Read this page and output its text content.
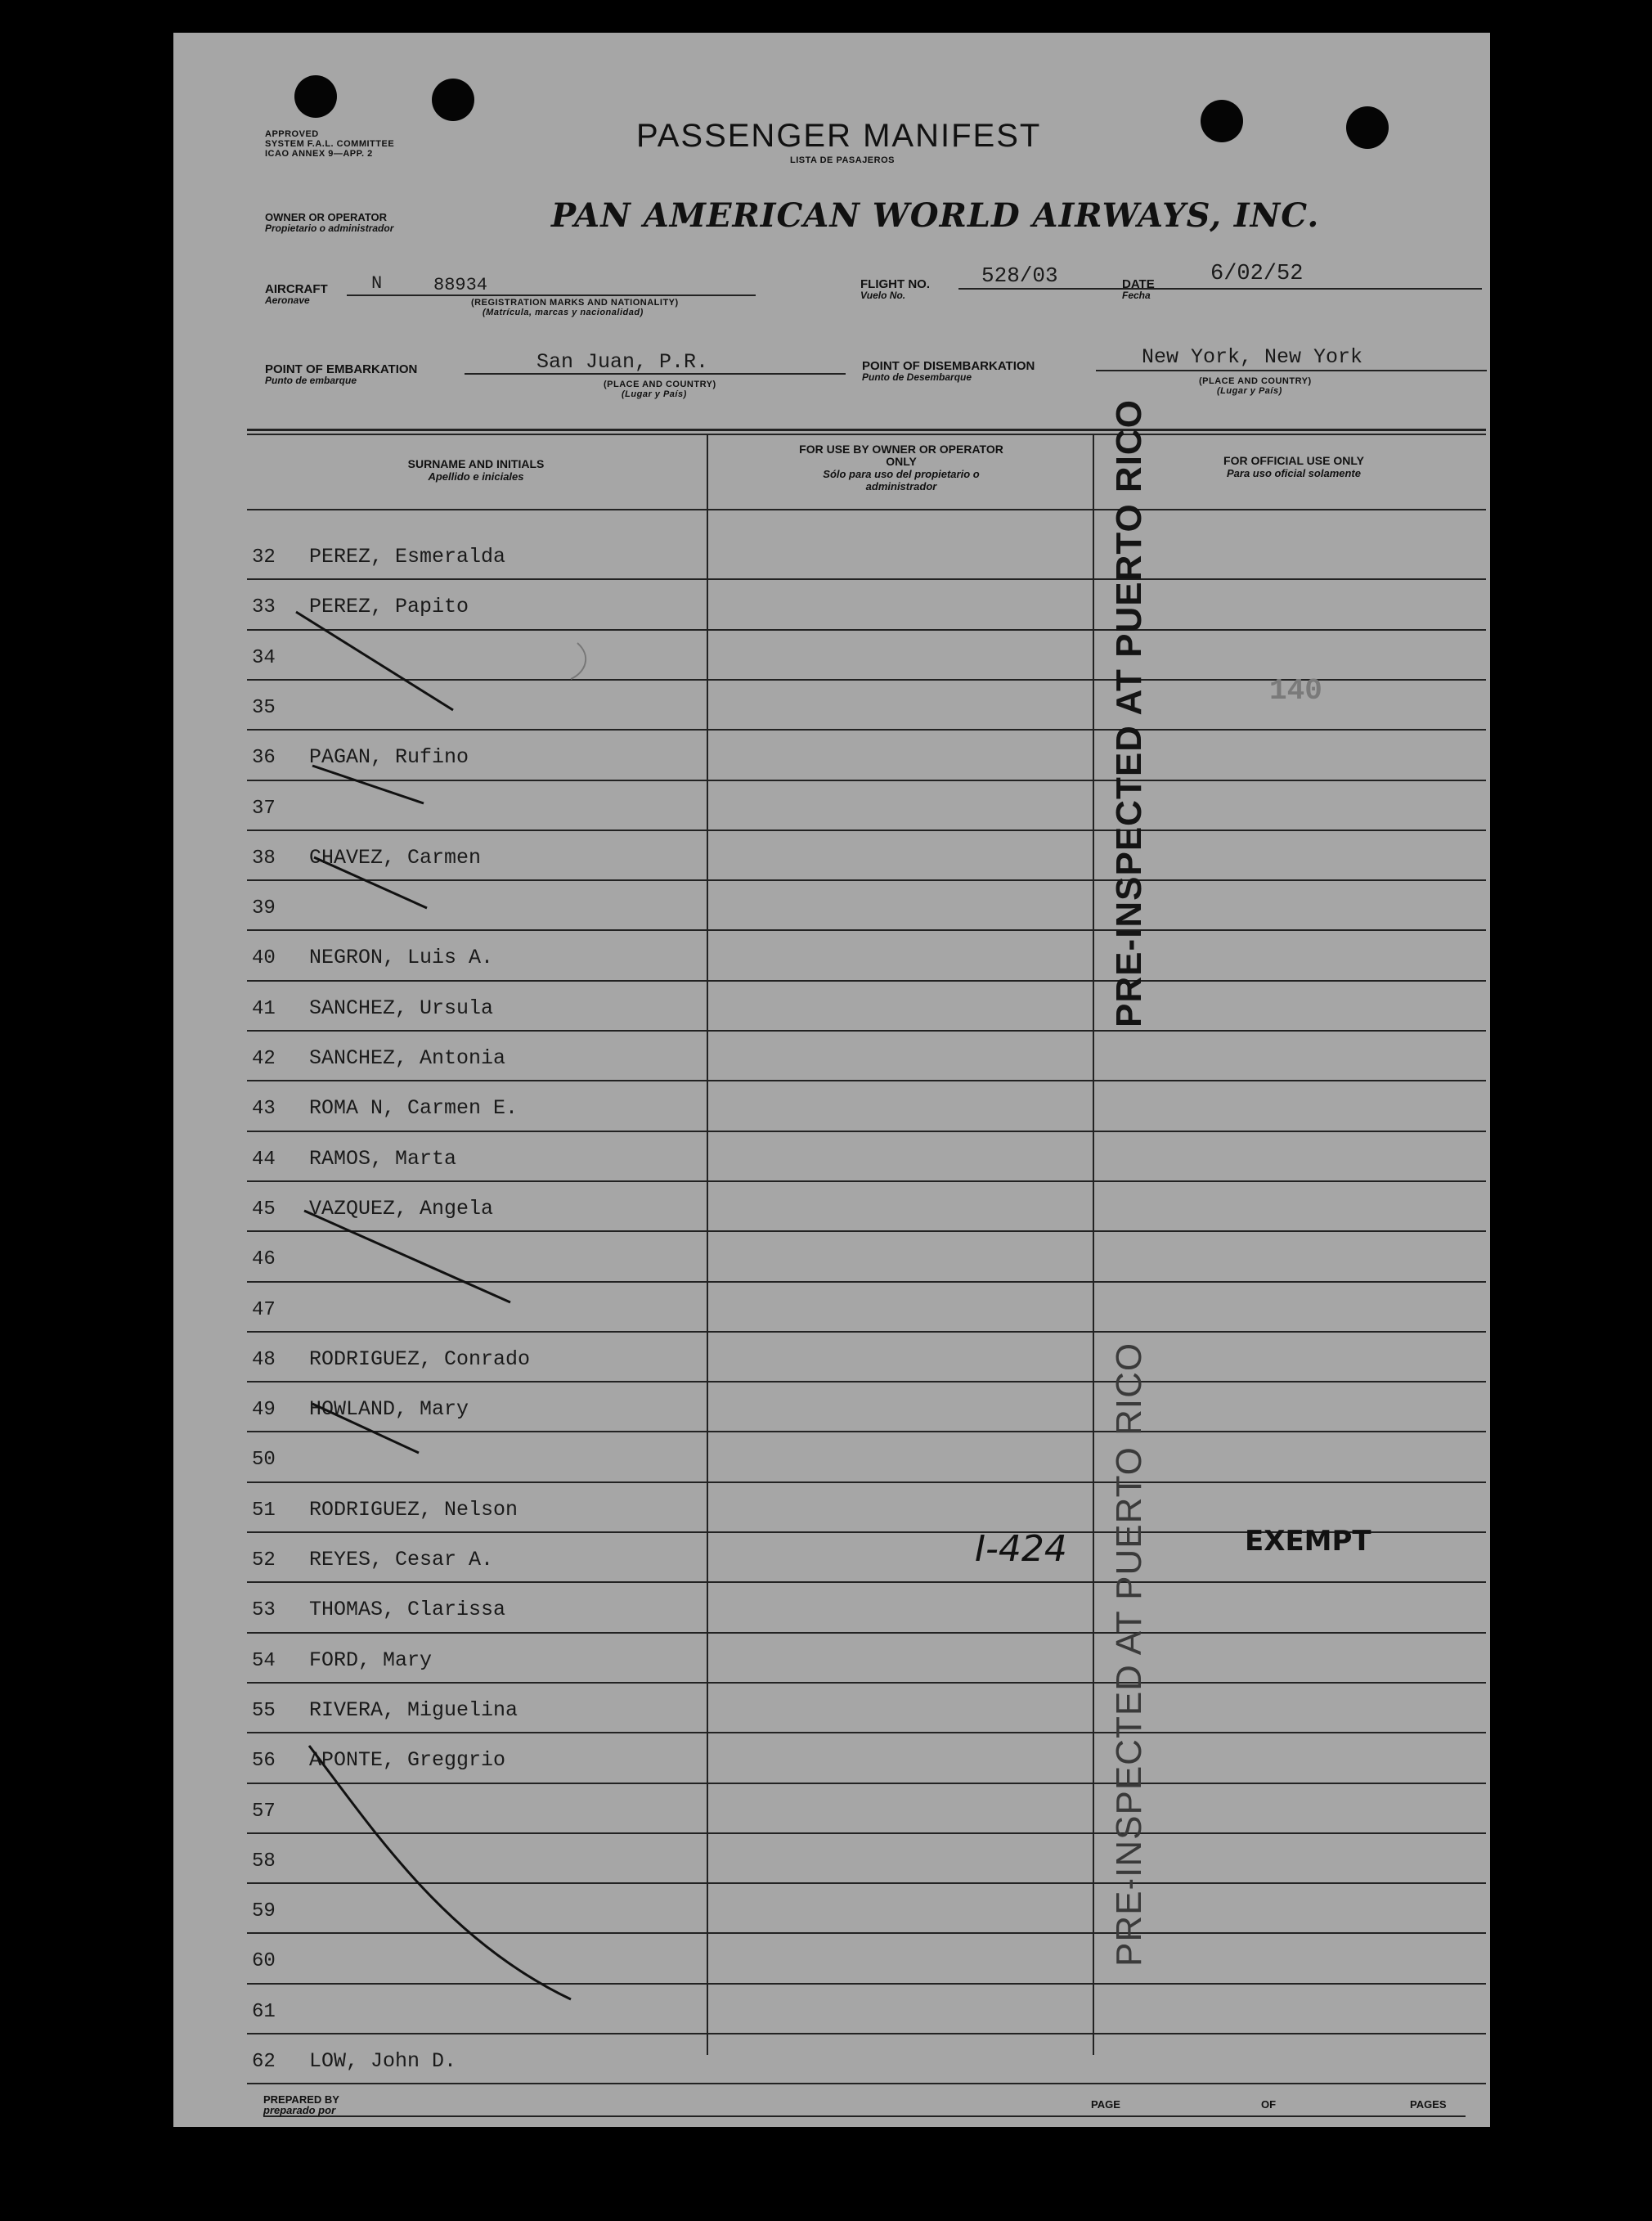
APPROVED
SYSTEM F.A.L. COMMITTEE
ICAO ANNEX 9—APP. 2	PASSENGER MANIFEST
LISTA DE PASAJEROS
OWNER OR OPERATOR
Propietario o administrador	PAN AMERICAN WORLD AIRWAYS, INC.
AIRCRAFT
Aeronave
N	88934
(REGISTRATION MARKS AND NATIONALITY)
(Matrícula, marcas y nacionalidad)
FLIGHT NO.
Vuelo No.
528/03	DATE
Fecha
6/02/52
POINT OF EMBARKATION
Punto de embarque
San Juan, P.R.
(PLACE AND COUNTRY)
(Lugar y País)
POINT OF DISEMBARKATION
Punto de Desembarque
New York, New York
(PLACE AND COUNTRY)
(Lugar y País)
SURNAME AND INITIALS
Apellido e iniciales
FOR USE BY OWNER OR OPERATOR ONLY
Sólo para uso del propietario o administrador
FOR OFFICIAL USE ONLY
Para uso oficial solamente
32 PEREZ, Esmeralda
33 PEREZ, Papito
34
35
36 PAGAN, Rufino
37
38 CHAVEZ, Carmen
39
40 NEGRON, Luis A.
41 SANCHEZ, Ursula
42 SANCHEZ, Antonia
43 ROMA N, Carmen E.
44 RAMOS, Marta
45 VAZQUEZ, Angela
46
47
48 RODRIGUEZ, Conrado
49 HOWLAND, Mary
50
51 RODRIGUEZ, Nelson
52 REYES, Cesar A.
53 THOMAS, Clarissa
54 FORD, Mary
55 RIVERA, Miguelina
56 APONTE, Greggrio
57
58
59
60
61
62 LOW, John D.
PRE-INSPECTED AT PUERTO RICO
PRE-INSPECTED AT PUERTO RICO
140
I-424	EXEMPT
PREPARED BY
preparado por	PAGE	OF	PAGES
